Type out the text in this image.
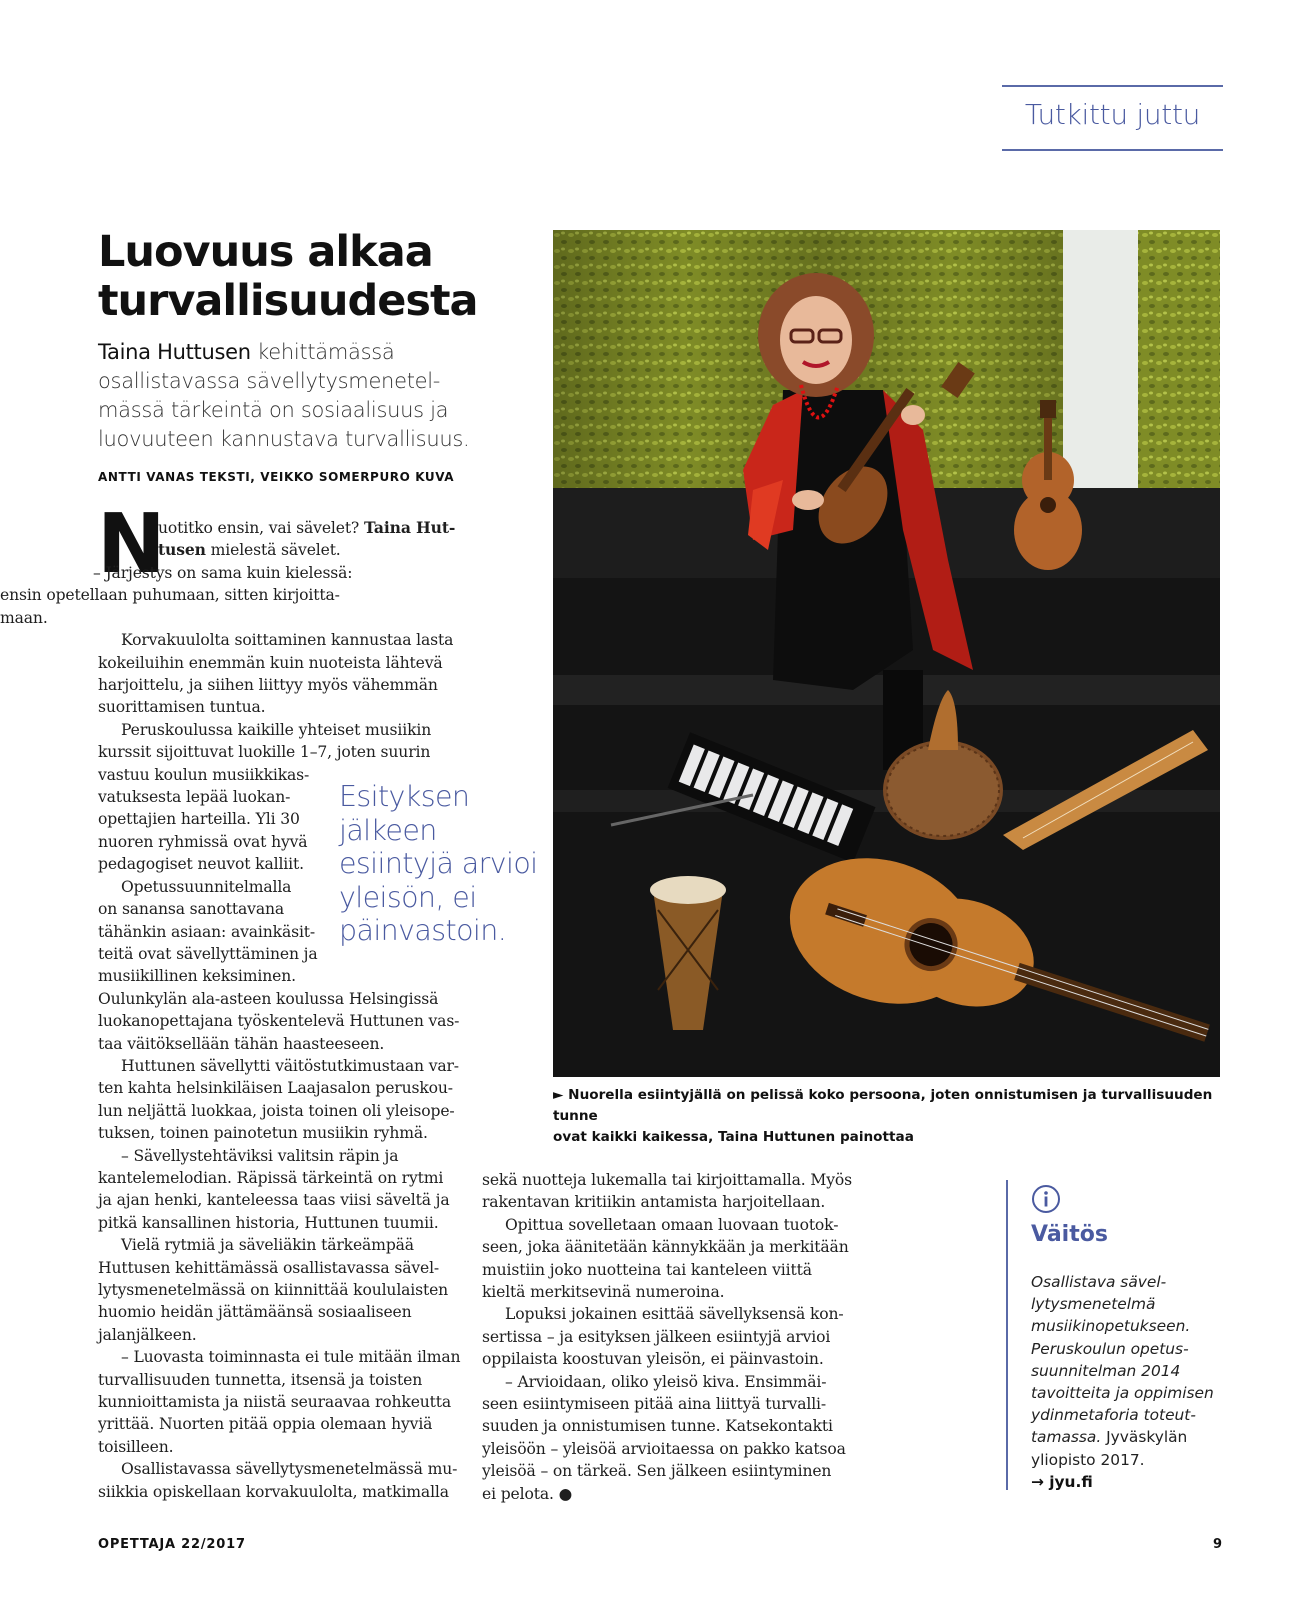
Tutkittu juttu
Luovuus alkaa
turvallisuudesta

Taina Huttusen kehittämässä osallistavassa sävellytysmenetel-mässä tärkeintä on sosiaalisuus ja luovuuteen kannustava turvallisuus.

ANTTI VANAS TEKSTI, VEIKKO SOMERPURO KUVA
N
uotitko ensin, vai sävelet? Taina Hut-
tusen mielestä sävelet.
– Järjestys on sama kuin kielessä:
ensin opetellaan puhumaan, sitten kirjoitta-
maan.
Korvakuulolta soittaminen kannustaa lasta
kokeiluihin enemmän kuin nuoteista lähtevä
harjoittelu, ja siihen liittyy myös vähemmän
suorittamisen tuntua.
Peruskoulussa kaikille yhteiset musiikin
kurssit sijoittuvat luokille 1–7, joten suurin
vastuu koulun musiikkikas-
vatuksesta lepää luokan-
opettajien harteilla. Yli 30
nuoren ryhmissä ovat hyvä
pedagogiset neuvot kalliit.
Opetussuunnitelmalla
on sanansa sanottavana
tähänkin asiaan: avainkäsit-
teitä ovat sävellyttäminen ja
musiikillinen keksiminen.
Oulunkylän ala-asteen koulussa Helsingissä
luokanopettajana työskentelevä Huttunen vas-
taa väitöksellään tähän haasteeseen.
Huttunen sävellytti väitöstutkimustaan var-
ten kahta helsinkiläisen Laajasalon peruskou-
lun neljättä luokkaa, joista toinen oli yleisope-
tuksen, toinen painotetun musiikin ryhmä.
– Sävellystehtäviksi valitsin räpin ja
kantelemelodian. Räpissä tärkeintä on rytmi
ja ajan henki, kanteleessa taas viisi säveltä ja
pitkä kansallinen historia, Huttunen tuumii.
Vielä rytmiä ja säveliäkin tärkeämpää
Huttusen kehittämässä osallistavassa sävel-
lytysmenetelmässä on kiinnittää koululaisten
huomio heidän jättämäänsä sosiaaliseen
jalanjälkeen.
– Luovasta toiminnasta ei tule mitään ilman
turvallisuuden tunnetta, itsensä ja toisten
kunnioittamista ja niistä seuraavaa rohkeutta
yrittää. Nuorten pitää oppia olemaan hyviä
toisilleen.
Osallistavassa sävellytysmenetelmässä mu-
siikkia opiskellaan korvakuulolta, matkimalla
Esityksen
jälkeen
esiintyjä arvioi
yleisön, ei
päinvastoin.
sekä nuotteja lukemalla tai kirjoittamalla. Myös
rakentavan kritiikin antamista harjoitellaan.
Opittua sovelletaan omaan luovaan tuotok-
seen, joka äänitetään kännykkään ja merkitään
muistiin joko nuotteina tai kanteleen viittä
kieltä merkitsevinä numeroina.
Lopuksi jokainen esittää sävellyksensä kon-
sertissa – ja esityksen jälkeen esiintyjä arvioi
oppilaista koostuvan yleisön, ei päinvastoin.
– Arvioidaan, oliko yleisö kiva. Ensimmäi-
seen esiintymiseen pitää aina liittyä turvalli-
suuden ja onnistumisen tunne. Katsekontakti
yleisöön – yleisöä arvioitaessa on pakko katsoa
yleisöä – on tärkeä. Sen jälkeen esiintyminen
ei pelota. ●
► Nuorella esiintyjällä on pelissä koko persoona, joten onnistumisen ja turvallisuuden tunne
ovat kaikki kaikessa, Taina Huttunen painottaa
Väitös
Osallistava sävel-
lytysmenetelmä
musiikinopetukseen.
Peruskoulun opetus-
suunnitelman 2014
tavoitteita ja oppimisen
ydinmetaforia toteut-
tamassa. Jyväskylän
yliopisto 2017.
→ jyu.fi
OPETTAJA 22/2017	9
